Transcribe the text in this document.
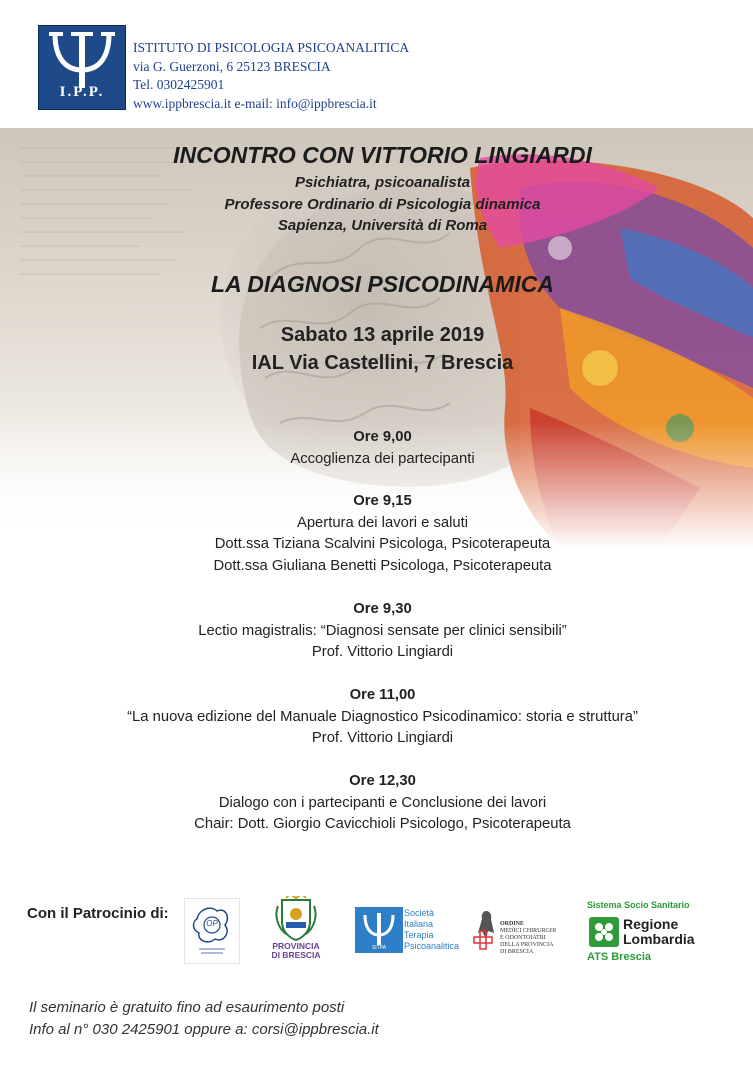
I.P.P.
ISTITUTO DI PSICOLOGIA PSICOANALITICA
via G. Guerzoni, 6 25123 BRESCIA
Tel. 0302425901
www.ippbrescia.it e-mail: info@ippbrescia.it
INCONTRO CON VITTORIO LINGIARDI
Psichiatra, psicoanalista
Professore Ordinario di Psicologia dinamica
Sapienza, Università di Roma
LA DIAGNOSI PSICODINAMICA
Sabato 13 aprile 2019
IAL Via Castellini, 7 Brescia
Ore 9,00
Accoglienza dei partecipanti
Ore 9,15
Apertura dei lavori e saluti
Dott.ssa Tiziana Scalvini Psicologa, Psicoterapeuta
Dott.ssa Giuliana Benetti Psicologa, Psicoterapeuta
Ore 9,30
Lectio magistralis: “Diagnosi sensate per clinici sensibili”
Prof. Vittorio Lingiardi
Ore 11,00
“La nuova edizione del Manuale Diagnostico Psicodinamico: storia e struttura”
Prof. Vittorio Lingiardi
Ore 12,30
Dialogo con i partecipanti e Conclusione dei lavori
Chair: Dott. Giorgio Cavicchioli Psicologo, Psicoterapeuta
Con il Patrocinio di:
OP
PROVINCIA
DI BRESCIA
SITPA
Società
Italiana
Terapia
Psicoanalitica
ORDINE
MEDICI CHIRURGHI
E ODONTOIATRI
DELLA PROVINCIA
DI BRESCIA
Sistema Socio Sanitario
Regione
Lombardia
ATS Brescia
Il seminario è gratuito fino ad esaurimento posti
Info al n° 030 2425901 oppure a: corsi@ippbrescia.it
